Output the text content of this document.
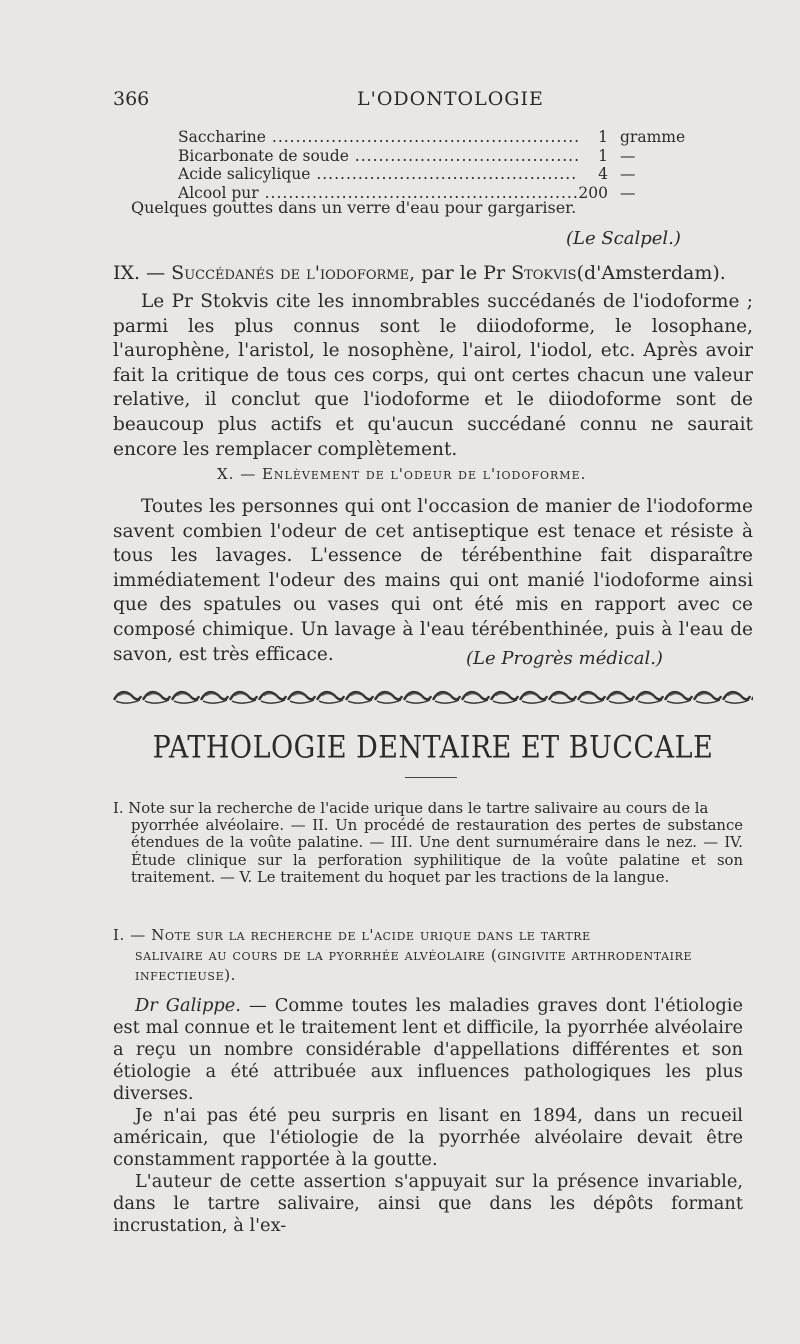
366	L'ODONTOLOGIE
Saccharine .....	1 gramme
Bicarbonate de soude .....	1 —
Acide salicylique .....	4 —
Alcool pur .....	200 —
Quelques gouttes dans un verre d'eau pour gargariser.
(Le Scalpel.)
IX. — Succédanés de l'iodoforme, par le Pr Stokvis(d'Amsterdam).
Le Pr Stokvis cite les innombrables succédanés de l'iodoforme ; parmi les plus connus sont le diiodoforme, le losophane, l'aurophène, l'aristol, le nosophène, l'airol, l'iodol, etc. Après avoir fait la critique de tous ces corps, qui ont certes chacun une valeur relative, il conclut que l'iodoforme et le diiodoforme sont de beaucoup plus actifs et qu'aucun succédané connu ne saurait encore les remplacer complètement.
X. — Enlèvement de l'odeur de l'iodoforme.
Toutes les personnes qui ont l'occasion de manier de l'iodoforme savent combien l'odeur de cet antiseptique est tenace et résiste à tous les lavages. L'essence de térébenthine fait disparaître immédiatement l'odeur des mains qui ont manié l'iodoforme ainsi que des spatules ou vases qui ont été mis en rapport avec ce composé chimique. Un lavage à l'eau térébenthinée, puis à l'eau de savon, est très efficace.	(Le Progrès médical.)
PATHOLOGIE DENTAIRE ET BUCCALE
I. Note sur la recherche de l'acide urique dans le tartre salivaire au cours de la
pyorrhée alvéolaire. — II. Un procédé de restauration des pertes de substance étendues de la voûte palatine. — III. Une dent surnuméraire dans le nez. — IV. Étude clinique sur la perforation syphilitique de la voûte palatine et son traitement. — V. Le traitement du hoquet par les tractions de la langue.
I. — Note sur la recherche de l'acide urique dans le tartre
salivaire au cours de la pyorrhée alvéolaire (gingivite arthrodentaire infectieuse).

Dr Galippe. — Comme toutes les maladies graves dont l'étiologie est mal connue et le traitement lent et difficile, la pyorrhée alvéolaire a reçu un nombre considérable d'appellations différentes et son étiologie a été attribuée aux influences pathologiques les plus diverses.

Je n'ai pas été peu surpris en lisant en 1894, dans un recueil américain, que l'étiologie de la pyorrhée alvéolaire devait être constamment rapportée à la goutte.

L'auteur de cette assertion s'appuyait sur la présence invariable, dans le tartre salivaire, ainsi que dans les dépôts formant incrustation, à l'ex-
